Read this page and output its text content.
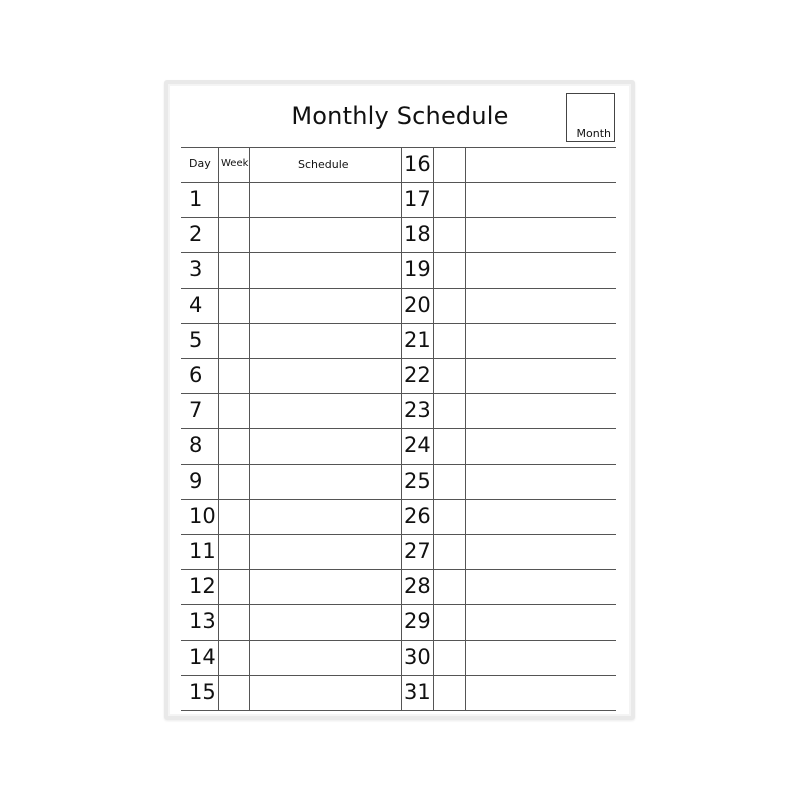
Monthly Schedule
Month
Day Week	Schedule	16
17
18
19
20
21
22
23
24
25
26
27
28
29
30
31
1
2
3
4
5
6
7
8
9
10
11
12
13
14
15
